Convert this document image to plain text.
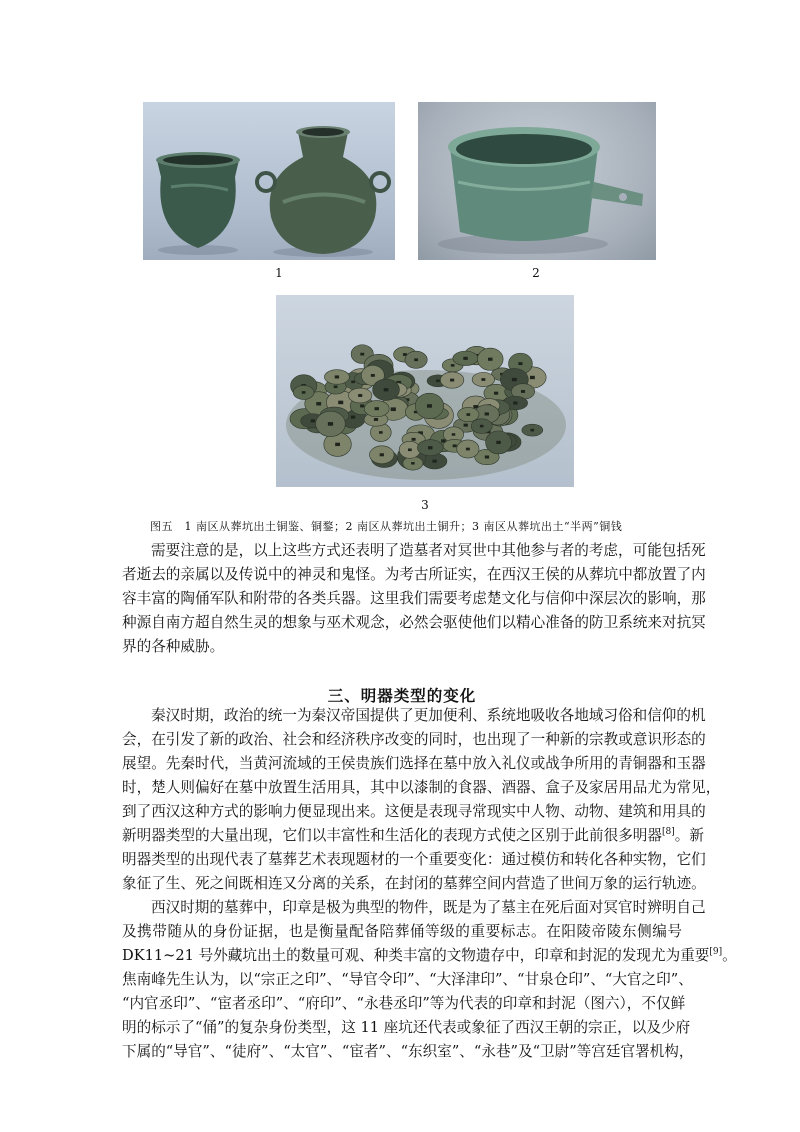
1	2
3
图五　1 南区从葬坑出土铜鉴、铜鍪；2 南区从葬坑出土铜升；3 南区从葬坑出土“半两”铜钱
需要注意的是，以上这些方式还表明了造墓者对冥世中其他参与者的考虑，可能包括死
者逝去的亲属以及传说中的神灵和鬼怪。为考古所证实，在西汉王侯的从葬坑中都放置了内
容丰富的陶俑军队和附带的各类兵器。这里我们需要考虑楚文化与信仰中深层次的影响，那
种源自南方超自然生灵的想象与巫术观念，必然会驱使他们以精心准备的防卫系统来对抗冥
界的各种威胁。
三、明器类型的变化
秦汉时期，政治的统一为秦汉帝国提供了更加便利、系统地吸收各地域习俗和信仰的机
会，在引发了新的政治、社会和经济秩序改变的同时，也出现了一种新的宗教或意识形态的
展望。先秦时代，当黄河流域的王侯贵族们选择在墓中放入礼仪或战争所用的青铜器和玉器
时，楚人则偏好在墓中放置生活用具，其中以漆制的食器、酒器、盒子及家居用品尤为常见，
到了西汉这种方式的影响力便显现出来。这便是表现寻常现实中人物、动物、建筑和用具的
新明器类型的大量出现，它们以丰富性和生活化的表现方式使之区别于此前很多明器[8]。新
明器类型的出现代表了墓葬艺术表现题材的一个重要变化：通过模仿和转化各种实物，它们
象征了生、死之间既相连又分离的关系，在封闭的墓葬空间内营造了世间万象的运行轨迹。
西汉时期的墓葬中，印章是极为典型的物件，既是为了墓主在死后面对冥官时辨明自己
及携带随从的身份证据，也是衡量配备陪葬俑等级的重要标志。在阳陵帝陵东侧编号
DK11~21 号外藏坑出土的数量可观、种类丰富的文物遗存中，印章和封泥的发现尤为重要[9]。
焦南峰先生认为，以“宗正之印”、“导官令印”、“大泽津印”、“甘泉仓印”、“大官之印”、
“内官丞印”、“宦者丞印”、“府印”、“永巷丞印”等为代表的印章和封泥（图六），不仅鲜
明的标示了“俑”的复杂身份类型，这 11 座坑还代表或象征了西汉王朝的宗正，以及少府
下属的“导官”、“徒府”、“太官”、“宦者”、“东织室”、“永巷”及“卫尉”等宫廷官署机构，
